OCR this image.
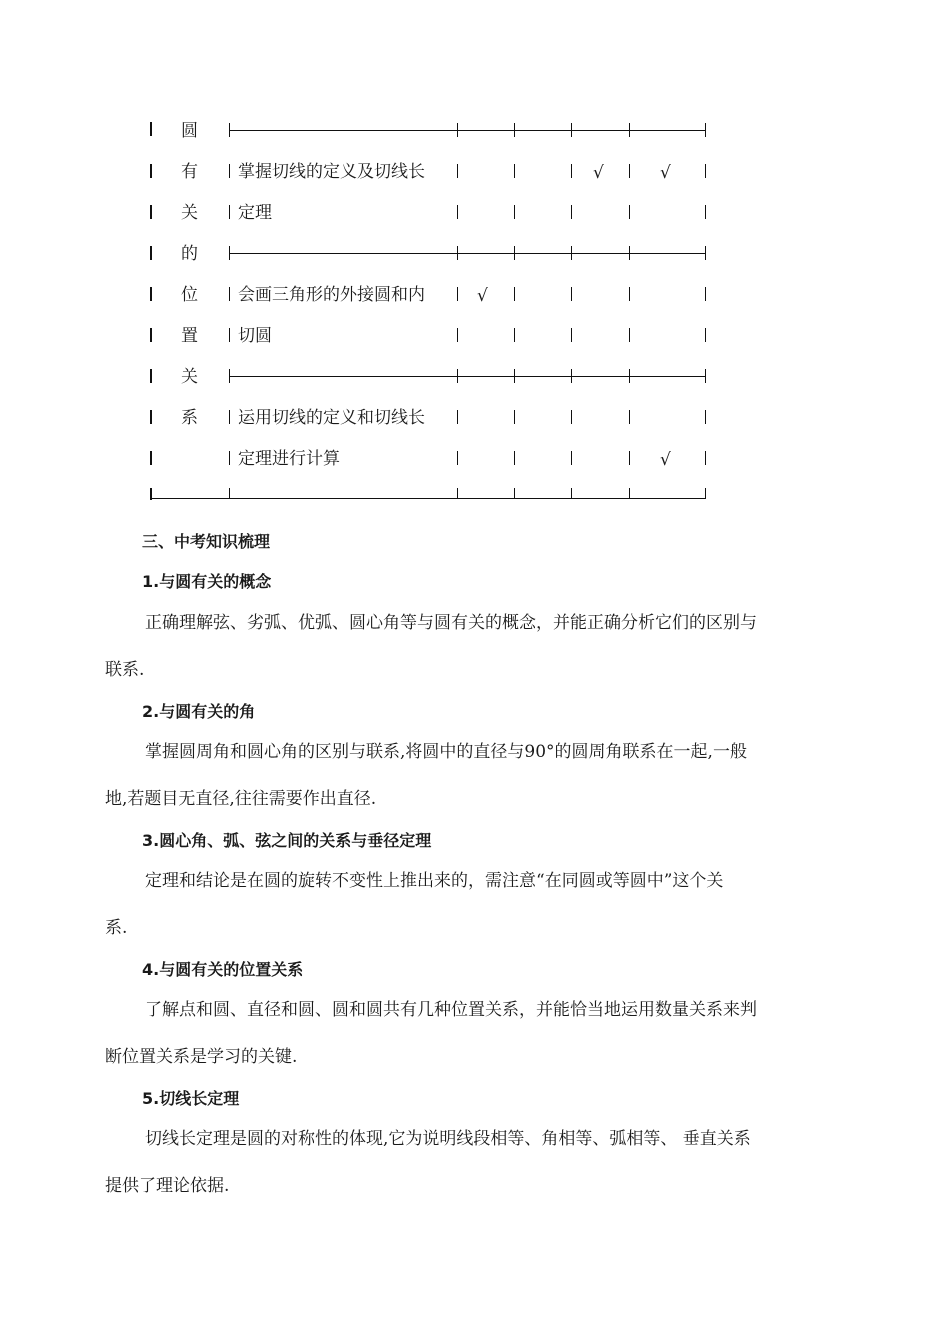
圆
有
关
的
位
置
关
系
掌握切线的定义及切线长
定理
√	√
会画三角形的外接圆和内
切圆
√
运用切线的定义和切线长
定理进行计算	√
三、中考知识梳理
1.与圆有关的概念
正确理解弦、劣弧、优弧、圆心角等与圆有关的概念，并能正确分析它们的区别与
联系.
2.与圆有关的角
掌握圆周角和圆心角的区别与联系,将圆中的直径与90°的圆周角联系在一起,一般
地,若题目无直径,往往需要作出直径.
3.圆心角、弧、弦之间的关系与垂径定理
定理和结论是在圆的旋转不变性上推出来的，需注意“在同圆或等圆中”这个关
系.
4.与圆有关的位置关系
了解点和圆、直径和圆、圆和圆共有几种位置关系，并能恰当地运用数量关系来判
断位置关系是学习的关键.
5.切线长定理
切线长定理是圆的对称性的体现,它为说明线段相等、角相等、弧相等、 垂直关系
提供了理论依据.
